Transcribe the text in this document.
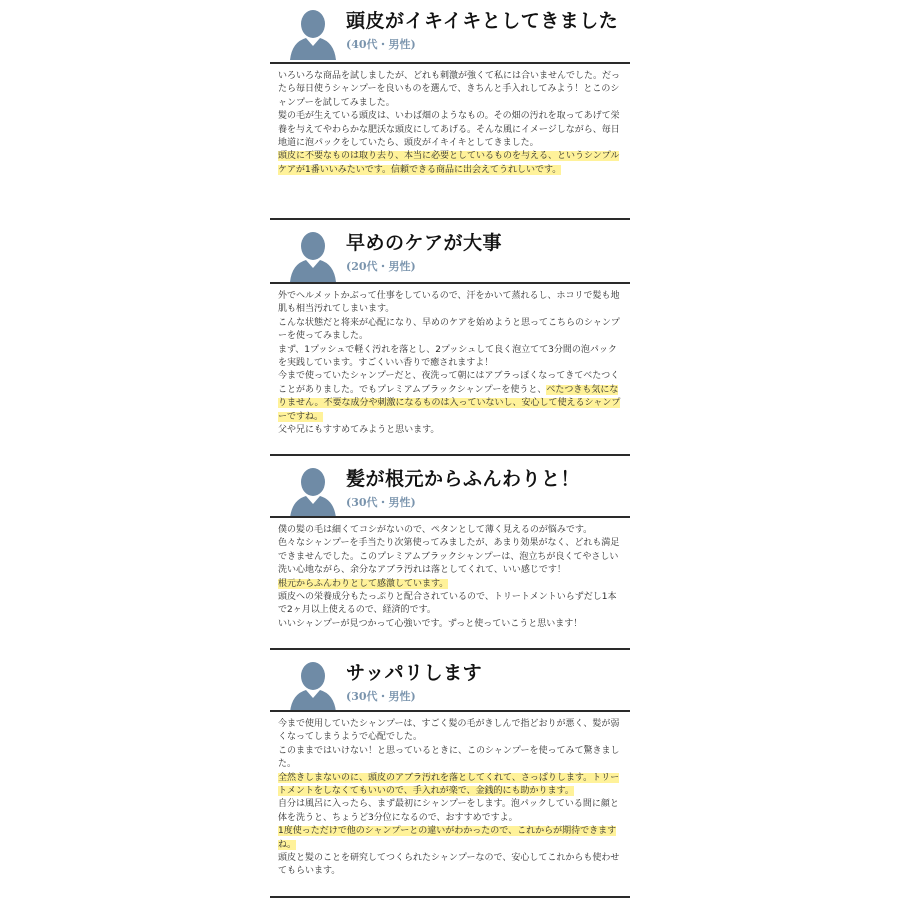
頭皮がイキイキとしてきました
(40代・男性)

いろいろな商品を試しましたが、どれも刺激が強くて私には合いませんでした。だったら毎日使うシャンプーを良いものを選んで、きちんと手入れしてみよう！とこのシャンプーを試してみました。

髪の毛が生えている頭皮は、いわば畑のようなもの。その畑の汚れを取ってあげて栄養を与えてやわらかな肥沃な頭皮にしてあげる。そんな風にイメージしながら、毎日地道に泡パックをしていたら、頭皮がイキイキとしてきました。

頭皮に不要なものは取り去り、本当に必要としているものを与える、というシンプルケアが1番いいみたいです。信頼できる商品に出会えてうれしいです。

早めのケアが大事
(20代・男性)

外でヘルメットかぶって仕事をしているので、汗をかいて蒸れるし、ホコリで髪も地肌も相当汚れてしまいます。

こんな状態だと将来が心配になり、早めのケアを始めようと思ってこちらのシャンプーを使ってみました。

まず、1プッシュで軽く汚れを落とし、2プッシュして良く泡立てて3分間の泡パックを実践しています。すごくいい香りで癒されますよ！

今まで使っていたシャンプーだと、夜洗って朝にはアブラっぽくなってきてべたつくことがありました。でもプレミアムブラックシャンプーを使うと、べたつきも気になりません。不要な成分や刺激になるものは入っていないし、安心して使えるシャンプーですね。

父や兄にもすすめてみようと思います。

髪が根元からふんわりと！
(30代・男性)

僕の髪の毛は細くてコシがないので、ペタンとして薄く見えるのが悩みです。

色々なシャンプーを手当たり次第使ってみましたが、あまり効果がなく、どれも満足できませんでした。このプレミアムブラックシャンプーは、泡立ちが良くてやさしい洗い心地ながら、余分なアブラ汚れは落としてくれて、いい感じです！

根元からふんわりとして感激しています。

頭皮への栄養成分もたっぷりと配合されているので、トリートメントいらずだし1本で2ヶ月以上使えるので、経済的です。

いいシャンプーが見つかって心強いです。ずっと使っていこうと思います！

サッパリします
(30代・男性)

今まで使用していたシャンプーは、すごく髪の毛がきしんで指どおりが悪く、髪が弱くなってしまうようで心配でした。

このままではいけない！と思っているときに、このシャンプーを使ってみて驚きました。

全然きしまないのに、頭皮のアブラ汚れを落としてくれて、さっぱりします。トリートメントをしなくてもいいので、手入れが楽で、金銭的にも助かります。

自分は風呂に入ったら、まず最初にシャンプーをします。泡パックしている間に顔と体を洗うと、ちょうど3分位になるので、おすすめですよ。

1度使っただけで他のシャンプーとの違いがわかったので、これからが期待できますね。

頭皮と髪のことを研究してつくられたシャンプーなので、安心してこれからも使わせてもらいます。
